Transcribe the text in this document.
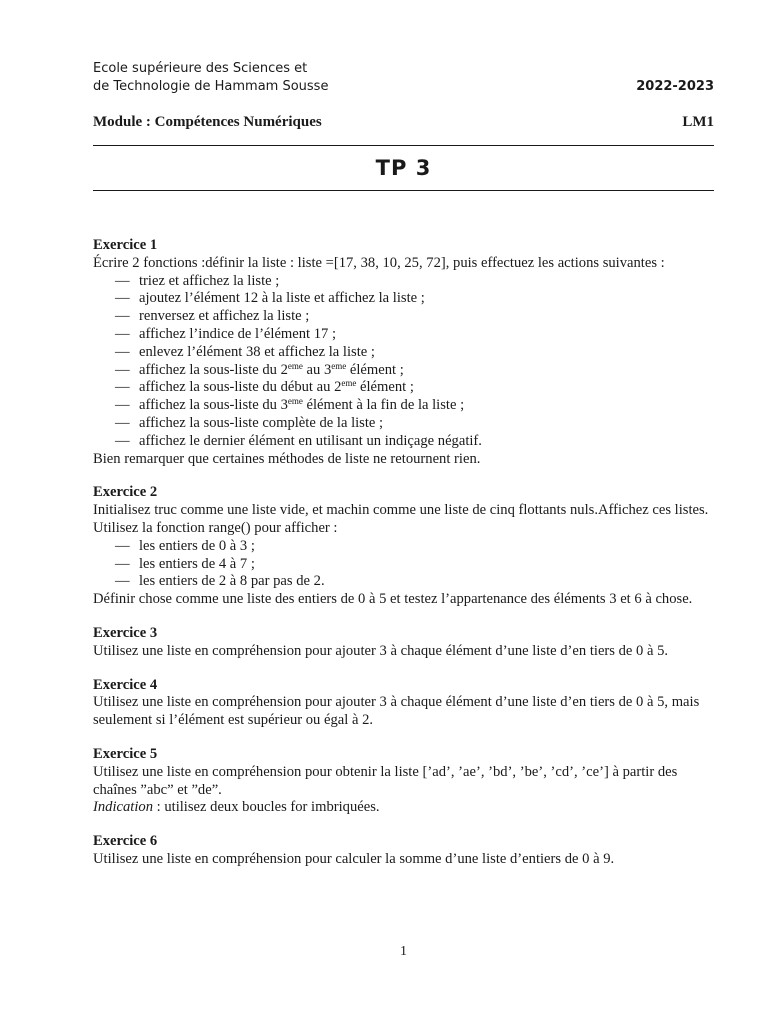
Ecole supérieure des Sciences et
de Technologie de Hammam Sousse	2022-2023
Module : Compétences Numériques	LM1
TP 3
Exercice 1

Écrire 2 fonctions :définir la liste : liste =[17, 38, 10, 25, 72], puis effectuez les actions suivantes :

— triez et affichez la liste ;
— ajoutez l’élément 12 à la liste et affichez la liste ;
— renversez et affichez la liste ;
— affichez l’indice de l’élément 17 ;
— enlevez l’élément 38 et affichez la liste ;
— affichez la sous-liste du 2eme au 3eme élément ;
— affichez la sous-liste du début au 2eme élément ;
— affichez la sous-liste du 3eme élément à la fin de la liste ;
— affichez la sous-liste complète de la liste ;
— affichez le dernier élément en utilisant un indiçage négatif.

Bien remarquer que certaines méthodes de liste ne retournent rien.

Exercice 2

Initialisez truc comme une liste vide, et machin comme une liste de cinq flottants nuls.Affichez ces listes.

Utilisez la fonction range() pour afficher :

— les entiers de 0 à 3 ;
— les entiers de 4 à 7 ;
— les entiers de 2 à 8 par pas de 2.

Définir chose comme une liste des entiers de 0 à 5 et testez l’appartenance des éléments 3 et 6 à chose.

Exercice 3

Utilisez une liste en compréhension pour ajouter 3 à chaque élément d’une liste d’en tiers de 0 à 5.

Exercice 4

Utilisez une liste en compréhension pour ajouter 3 à chaque élément d’une liste d’en tiers de 0 à 5, mais seulement si l’élément est supérieur ou égal à 2.

Exercice 5

Utilisez une liste en compréhension pour obtenir la liste [’ad’, ’ae’, ’bd’, ’be’, ’cd’, ’ce’] à partir des chaînes ”abc” et ”de”.

Indication : utilisez deux boucles for imbriquées.

Exercice 6

Utilisez une liste en compréhension pour calculer la somme d’une liste d’entiers de 0 à 9.

1
